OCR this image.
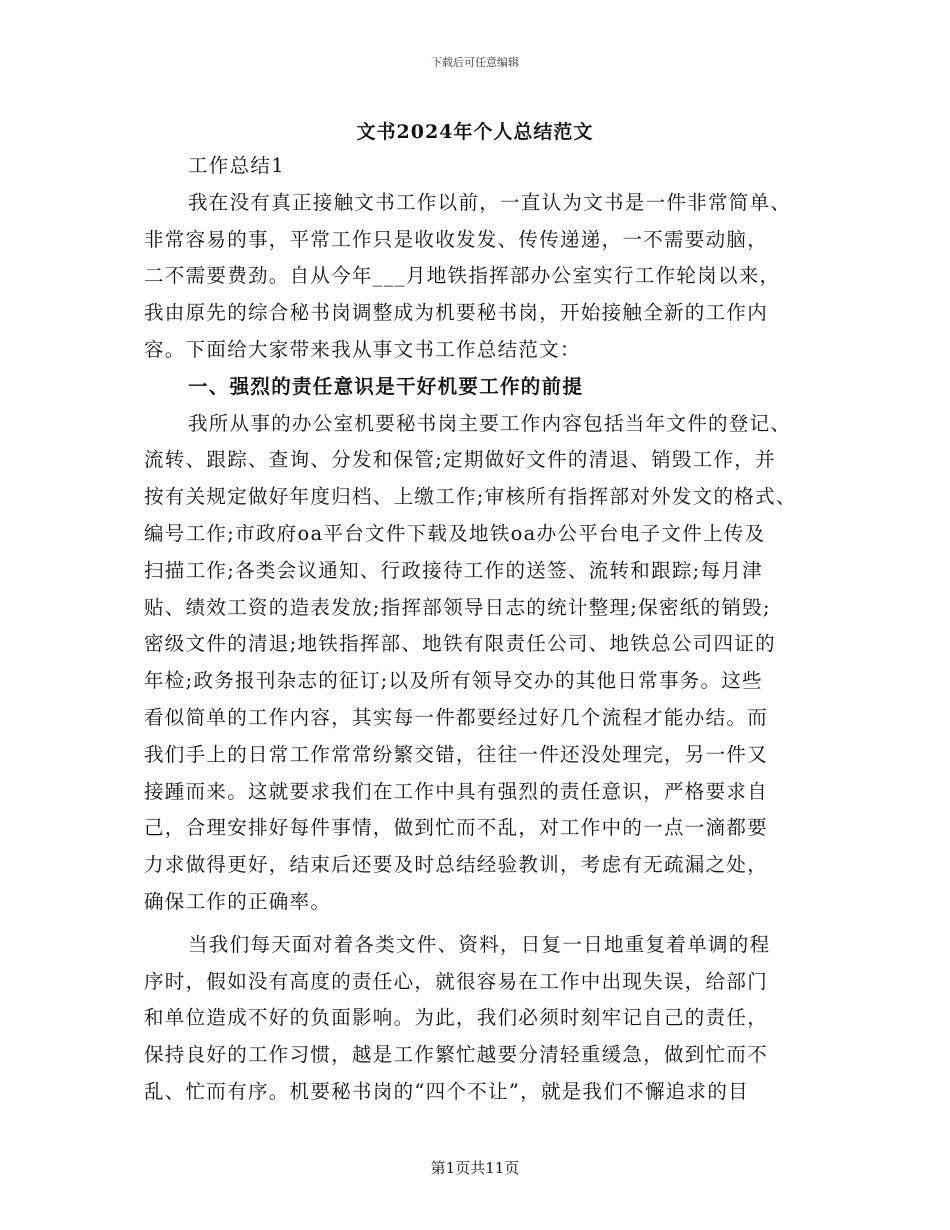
下载后可任意编辑
文书2024年个人总结范文
工作总结1
我在没有真正接触文书工作以前，一直认为文书是一件非常简单、
非常容易的事，平常工作只是收收发发、传传递递，一不需要动脑，
二不需要费劲。自从今年___月地铁指挥部办公室实行工作轮岗以来，
我由原先的综合秘书岗调整成为机要秘书岗，开始接触全新的工作内
容。下面给大家带来我从事文书工作总结范文：
一、强烈的责任意识是干好机要工作的前提
我所从事的办公室机要秘书岗主要工作内容包括当年文件的登记、
流转、跟踪、查询、分发和保管;定期做好文件的清退、销毁工作，并
按有关规定做好年度归档、上缴工作;审核所有指挥部对外发文的格式、
编号工作;市政府oa平台文件下载及地铁oa办公平台电子文件上传及
扫描工作;各类会议通知、行政接待工作的送签、流转和跟踪;每月津
贴、绩效工资的造表发放;指挥部领导日志的统计整理;保密纸的销毁;
密级文件的清退;地铁指挥部、地铁有限责任公司、地铁总公司四证的
年检;政务报刊杂志的征订;以及所有领导交办的其他日常事务。这些
看似简单的工作内容，其实每一件都要经过好几个流程才能办结。而
我们手上的日常工作常常纷繁交错，往往一件还没处理完，另一件又
接踵而来。这就要求我们在工作中具有强烈的责任意识，严格要求自
己，合理安排好每件事情，做到忙而不乱，对工作中的一点一滴都要
力求做得更好，结束后还要及时总结经验教训，考虑有无疏漏之处，
确保工作的正确率。
当我们每天面对着各类文件、资料，日复一日地重复着单调的程
序时，假如没有高度的责任心，就很容易在工作中出现失误，给部门
和单位造成不好的负面影响。为此，我们必须时刻牢记自己的责任，
保持良好的工作习惯，越是工作繁忙越要分清轻重缓急，做到忙而不
乱、忙而有序。机要秘书岗的“四个不让”，就是我们不懈追求的目
第1页共11页
